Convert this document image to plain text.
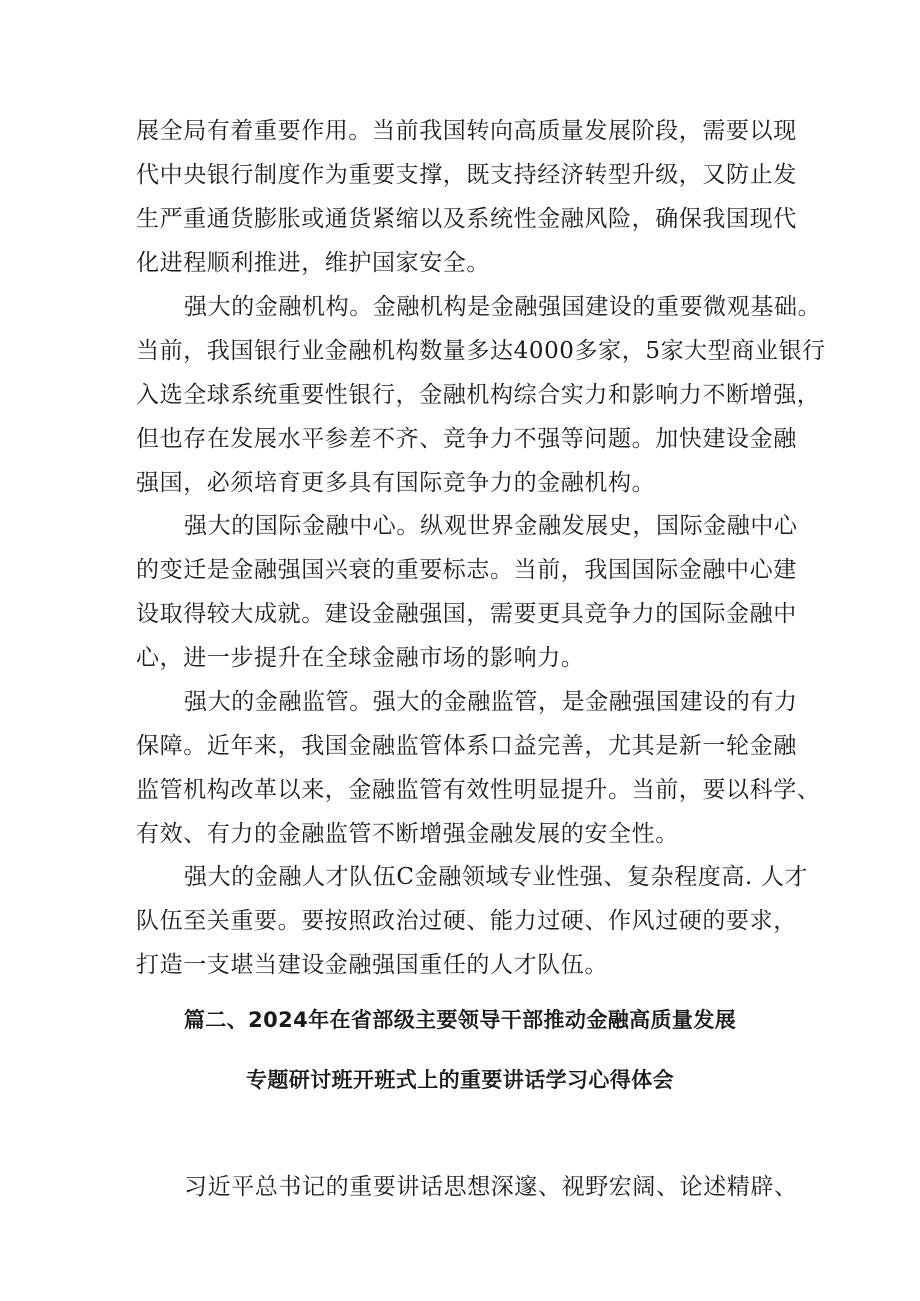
展全局有着重要作用。当前我国转向高质量发展阶段，需要以现
代中央银行制度作为重要支撑，既支持经济转型升级，又防止发
生严重通货膨胀或通货紧缩以及系统性金融风险，确保我国现代
化进程顺利推进，维护国家安全。
强大的金融机构。金融机构是金融强国建设的重要微观基础。
当前，我国银行业金融机构数量多达4000多家，5家大型商业银行
入选全球系统重要性银行，金融机构综合实力和影响力不断增强，
但也存在发展水平参差不齐、竞争力不强等问题。加快建设金融
强国，必须培育更多具有国际竞争力的金融机构。
强大的国际金融中心。纵观世界金融发展史，国际金融中心
的变迁是金融强国兴衰的重要标志。当前，我国国际金融中心建
设取得较大成就。建设金融强国，需要更具竞争力的国际金融中
心，进一步提升在全球金融市场的影响力。
强大的金融监管。强大的金融监管，是金融强国建设的有力
保障。近年来，我国金融监管体系口益完善，尤其是新一轮金融
监管机构改革以来，金融监管有效性明显提升。当前，要以科学、
有效、有力的金融监管不断增强金融发展的安全性。
强大的金融人才队伍C金融领域专业性强、复杂程度高. 人才
队伍至关重要。要按照政治过硬、能力过硬、作风过硬的要求，
打造一支堪当建设金融强国重任的人才队伍。
篇二、2024年在省部级主要领导干部推动金融高质量发展
专题研讨班开班式上的重要讲话学习心得体会
习近平总书记的重要讲话思想深邃、视野宏阔、论述精辟、
